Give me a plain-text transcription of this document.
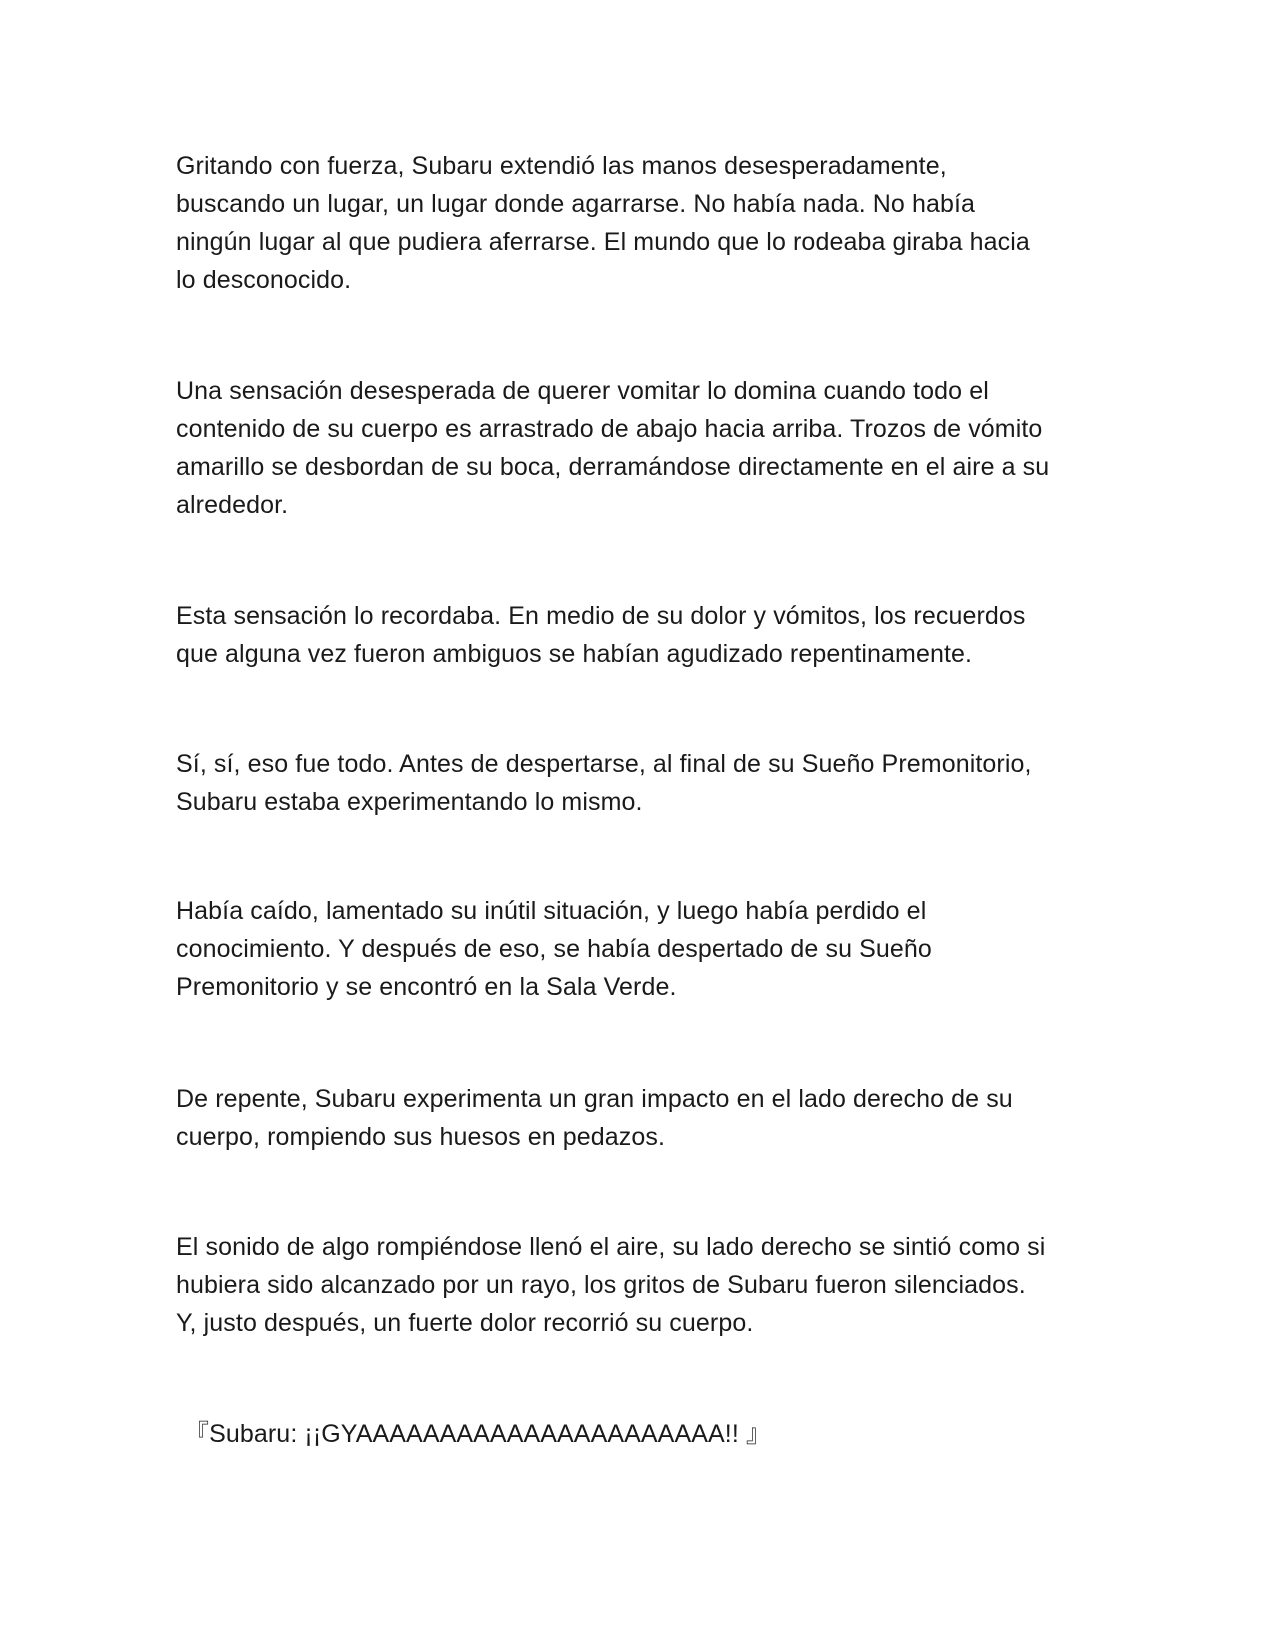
Gritando con fuerza, Subaru extendió las manos desesperadamente,
buscando un lugar, un lugar donde agarrarse. No había nada. No había
ningún lugar al que pudiera aferrarse. El mundo que lo rodeaba giraba hacia
lo desconocido.

Una sensación desesperada de querer vomitar lo domina cuando todo el
contenido de su cuerpo es arrastrado de abajo hacia arriba. Trozos de vómito
amarillo se desbordan de su boca, derramándose directamente en el aire a su
alrededor.

Esta sensación lo recordaba. En medio de su dolor y vómitos, los recuerdos
que alguna vez fueron ambiguos se habían agudizado repentinamente.

Sí, sí, eso fue todo. Antes de despertarse, al final de su Sueño Premonitorio,
Subaru estaba experimentando lo mismo.

Había caído, lamentado su inútil situación, y luego había perdido el
conocimiento. Y después de eso, se había despertado de su Sueño
Premonitorio y se encontró en la Sala Verde.

De repente, Subaru experimenta un gran impacto en el lado derecho de su
cuerpo, rompiendo sus huesos en pedazos.

El sonido de algo rompiéndose llenó el aire, su lado derecho se sintió como si
hubiera sido alcanzado por un rayo, los gritos de Subaru fueron silenciados.
Y, justo después, un fuerte dolor recorrió su cuerpo.

『Subaru: ¡¡GYAAAAAAAAAAAAAAAAAAAAAA!! 』
